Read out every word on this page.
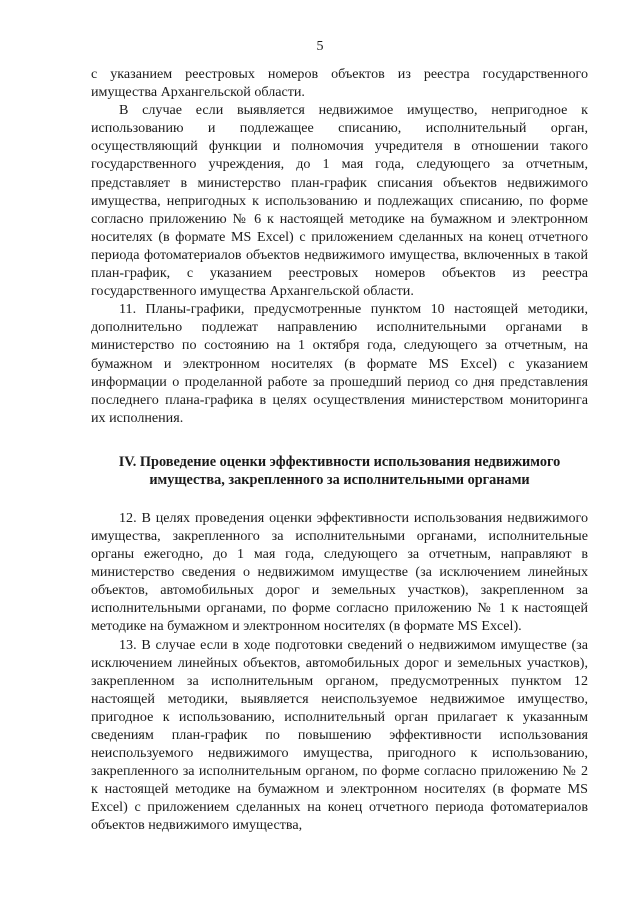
5

с указанием реестровых номеров объектов из реестра государственного имущества Архангельской области.

В случае если выявляется недвижимое имущество, непригодное к использованию и подлежащее списанию, исполнительный орган, осуществляющий функции и полномочия учредителя в отношении такого государственного учреждения, до 1 мая года, следующего за отчетным, представляет в министерство план-график списания объектов недвижимого имущества, непригодных к использованию и подлежащих списанию, по форме согласно приложению № 6 к настоящей методике на бумажном и электронном носителях (в формате MS Excel) с приложением сделанных на конец отчетного периода фотоматериалов объектов недвижимого имущества, включенных в такой план-график, с указанием реестровых номеров объектов из реестра государственного имущества Архангельской области.

11. Планы-графики, предусмотренные пунктом 10 настоящей методики, дополнительно подлежат направлению исполнительными органами в министерство по состоянию на 1 октября года, следующего за отчетным, на бумажном и электронном носителях (в формате MS Excel) с указанием информации о проделанной работе за прошедший период со дня представления последнего плана-графика в целях осуществления министерством мониторинга их исполнения.

IV. Проведение оценки эффективности использования недвижимого
имущества, закрепленного за исполнительными органами

12. В целях проведения оценки эффективности использования недвижимого имущества, закрепленного за исполнительными органами, исполнительные органы ежегодно, до 1 мая года, следующего за отчетным, направляют в министерство сведения о недвижимом имуществе (за исключением линейных объектов, автомобильных дорог и земельных участков), закрепленном за исполнительными органами, по форме согласно приложению № 1 к настоящей методике на бумажном и электронном носителях (в формате MS Excel).

13. В случае если в ходе подготовки сведений о недвижимом имуществе (за исключением линейных объектов, автомобильных дорог и земельных участков), закрепленном за исполнительным органом, предусмотренных пунктом 12 настоящей методики, выявляется неиспользуемое недвижимое имущество, пригодное к использованию, исполнительный орган прилагает к указанным сведениям план-график по повышению эффективности использования неиспользуемого недвижимого имущества, пригодного к использованию, закрепленного за исполнительным органом, по форме согласно приложению № 2 к настоящей методике на бумажном и электронном носителях (в формате MS Excel) с приложением сделанных на конец отчетного периода фотоматериалов объектов недвижимого имущества,
